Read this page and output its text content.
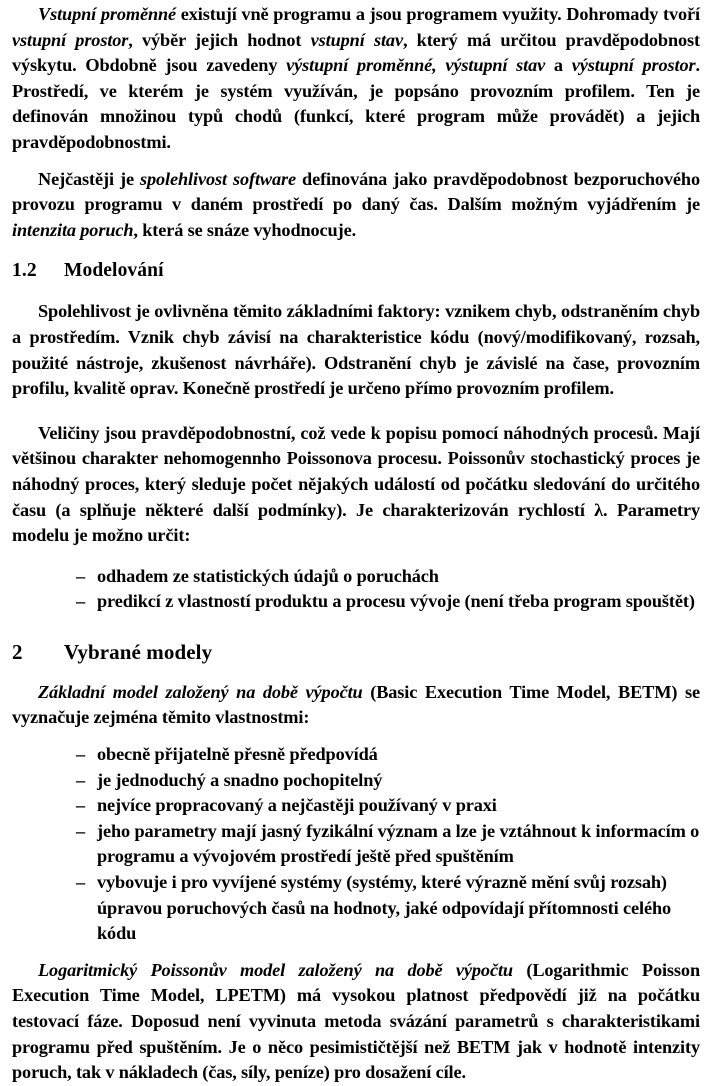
Vstupní proměnné existují vně programu a jsou programem využity. Dohromady tvoří vstupní prostor, výběr jejich hodnot vstupní stav, který má určitou pravděpodobnost výskytu. Obdobně jsou zavedeny výstupní proměnné, výstupní stav a výstupní prostor. Prostředí, ve kterém je systém využíván, je popsáno provozním profilem. Ten je definován množinou typů chodů (funkcí, které program může provádět) a jejich pravděpodobnostmi.

Nejčastěji je spolehlivost software definována jako pravděpodobnost bezporuchového provozu programu v daném prostředí po daný čas. Dalším možným vyjádřením je intenzita poruch, která se snáze vyhodnocuje.

1.2	Modelování

Spolehlivost je ovlivněna těmito základními faktory: vznikem chyb, odstraněním chyb a prostředím. Vznik chyb závisí na charakteristice kódu (nový/modifikovaný, rozsah, použité nástroje, zkušenost návrháře). Odstranění chyb je závislé na čase, provozním profilu, kvalitě oprav. Konečně prostředí je určeno přímo provozním profilem.

Veličiny jsou pravděpodobnostní, což vede k popisu pomocí náhodných procesů. Mají většinou charakter nehomogennho Poissonova procesu. Poissonův stochastický proces je náhodný proces, který sleduje počet nějakých událostí od počátku sledování do určitého času (a splňuje některé další podmínky). Je charakterizován rychlostí λ. Parametry modelu je možno určit:

– odhadem ze statistických údajů o poruchách
– predikcí z vlastností produktu a procesu vývoje (není třeba program spouštět)
2	Vybrané modely

Základní model založený na době výpočtu (Basic Execution Time Model, BETM) se vyznačuje zejména těmito vlastnostmi:

– obecně přijatelně přesně předpovídá
– je jednoduchý a snadno pochopitelný
– nejvíce propracovaný a nejčastěji používaný v praxi
– jeho parametry mají jasný fyzikální význam a lze je vztáhnout k informacím o programu a vývojovém prostředí ještě před spuštěním
– vybovuje i pro vyvíjené systémy (systémy, které výrazně mění svůj rozsah) úpravou poruchových časů na hodnoty, jaké odpovídají přítomnosti celého kódu

Logaritmický Poissonův model založený na době výpočtu (Logarithmic Poisson Execution Time Model, LPETM) má vysokou platnost předpovědí již na počátku testovací fáze. Doposud není vyvinuta metoda svázání parametrů s charakteristikami programu před spuštěním. Je o něco pesimističtější než BETM jak v hodnotě intenzity poruch, tak v nákladech (čas, síly, peníze) pro dosažení cíle.
